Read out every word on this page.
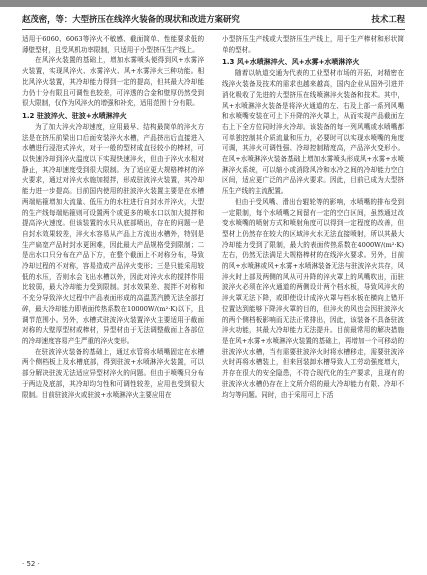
赵茂密，等：大型挤压在线淬火装备的现状和改进方案研究	技术工程

适用于6060、6063等淬火不敏感、截面简单、性能要求低的薄壁型材，且受风机功率限制，只适用于小型挤压生产线上。

在风淬火装置的基础上，增加水雾喷头便得到风+水雾淬火装置，实现风淬火、水雾淬火、风+水雾淬火三种功能。相比风淬火装置，其冷却能力得到一定的提高，但其最大冷却能力仍十分有限且可调性也较差，可淬透的合金和壁厚仍然受到很大限制，仅作为风淬火的增强和补充，适用范围十分有限。

1.2 驻波淬火、驻波+水喷淋淬火

为了加大淬火冷却速度，应用最早、结构最简单的淬火方法是在挤压前梁出口后面安装淬火水槽，产品挤出后直接进入水槽进行浸泡式淬火，对于一般的型材成直径较小的棒材，可以快速冷却到淬火温度以下实现快速淬火，但由于淬火水相对静止，其冷却速度受到很大限制。为了适应更大规格棒材的淬火要求，通过对淬火水施加搅拌，形成驻波淬火装置，其冷却能力进一步提高。目前国内使用的驻波淬火装置主要是在水槽两端贴箍增加大流量、低压力的水柱进行自封水并淬火，大型的生产线每端贴箍则可设置两个或更多的喷水口以加大搅拌和提高淬火速度。但该装置的水只从底部喷出，存在的问题一是自封水效果较差，淬火水容易从产品上方流出水槽外，特别是生产扁宽产品时封水更困难，因此最大产品规格受到限制；二是出水口只分布在产品下方，在整个截面上不对称分布，导致冷却过程的不对称，容易造成产品淬火变形；三是只能采用较低的水压，否则水会飞出水槽以外，因此对淬火水的搅拌作用比较弱，最大冷却能力受到限制。封水效果差、搅拌不对称和不充分导致淬火过程中产品表面形成的高温蒸汽膜无法全部打碎，最大冷却能力即表面传热系数在10000W/(m²·K)以下，且调节范围小。另外，水槽式驻波淬火装置淬火主要适用于截面对称的大壁厚型材或棒材，异型材由于无法调整截面上各部位的冷却速度容易产生严重的淬火变形。

在驻波淬火装备的基础上，通过水管将水喷嘴固定在水槽两个侧档板上及水槽底部，得到驻波+水喷淋淬火装置，可以部分解决驻波无法适应异型材淬火的问题。但由于喷嘴只分布于两边及底部，其冷却均匀性和可调性较差，应用也受到很大限制。目前驻波淬火或驻波+水喷淋淬火主要应用在

小型挤压生产线或大型挤压生产线上，用于生产棒材和形状简单的型材。

1.3 风+水喷淋淬火、风+水雾+水喷淋淬火

随着以轨道交通为代表的工业型材市场的开拓，对精密在线淬火装备及技术的需求也越来越高，国内企业从国外引进并消化吸收了先进的大型挤压在线喷淋淬火装备和技术。其中，风+水喷淋淬火装备是将淬火通道的左、右及上部一系列风嘴和水喷嘴安装在可上下升降的淬火罩上，从而实现产品截面左右上下全方位同时淬火冷却。该装备的每一列风嘴或水喷嘴都可单独控制其介质流量和压力，必要时可以实现水喷嘴的角度可调，其淬火可调性强、冷却控制精度高，产品淬火变形小。在风+水喷淋淬火装备基础上增加水雾喷头形成风+水雾+水喷淋淬火系统，可以缩小或消除风冷和水冷之间的冷却能力空白区间，适应更广泛的产品淬火要求。因此，目前已成为大型挤压生产线的主流配置。

但由于受风嘴、滑出台辊轮等的影响，水喷嘴的排布受到一定限制，每个水喷嘴之间留有一定的空白区间，虽然通过改变水喷嘴的喷射方式和喷射角度可以得到一定程度的改善，但型材上仍然存在较大的区域淬火水无法直接喷射，所以其最大冷却能力受到了限制，最大的表面传热系数在4000W/(m²·K)左右，仍然无法满足大规格棒材的在线淬火要求。另外，目前的风+水喷淋或风+水雾+水喷淋装备无法与驻波淬火共存，风淬火时上部及两侧的风从可升降的淬火罩上的风嘴吹出，而驻波淬火必须在淬火通道的两侧设计两个档水板，导致风淬火的淬火罩无法下降，或即使设计成淬火罩与档水板在横向上错开位置达到能够下降淬火罩的目的，但淬火的风也会因驻波淬火的两个侧档板影响而无法正常排出，因此，该装备不具备驻波淬火功能，其最大冷却能力无法提升。目前最常用的解决措施是在风+水雾+水喷淋淬火装置的基础上，再增加一个可移动的驻波淬火水槽，当有需要驻波淬火时将水槽移走，需要驻波淬火时再将水槽装上，但来回装卸水槽导致人工劳动强度增大，并存在很大的安全隐患，不符合现代化的生产要求，且现有的驻波淬火水槽仍存在上文所介绍的最大冷却能力有限、冷却不均匀等问题。同时，由于采用可上下活

· 52 ·
